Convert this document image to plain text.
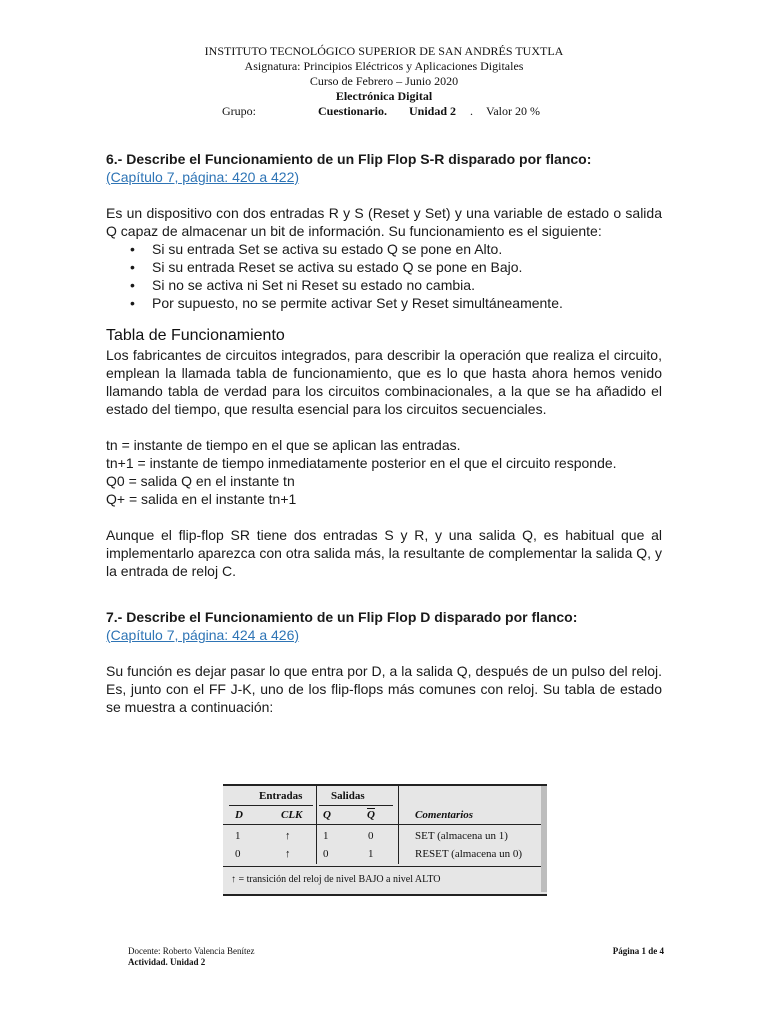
INSTITUTO TECNOLÓGICO SUPERIOR DE SAN ANDRÉS TUXTLA
Asignatura: Principios Eléctricos y Aplicaciones Digitales
Curso de Febrero – Junio 2020
Electrónica Digital
Grupo:	Cuestionario. Unidad 2 . Valor 20 %

6.- Describe el Funcionamiento de un Flip Flop S-R disparado por flanco:

(Capítulo 7, página: 420 a 422)

Es un dispositivo con dos entradas R y S (Reset y Set) y una variable de estado o salida Q capaz de almacenar un bit de información. Su funcionamiento es el siguiente:

• Si su entrada Set se activa su estado Q se pone en Alto.
• Si su entrada Reset se activa su estado Q se pone en Bajo.
• Si no se activa ni Set ni Reset su estado no cambia.
• Por supuesto, no se permite activar Set y Reset simultáneamente.

Tabla de Funcionamiento

Los fabricantes de circuitos integrados, para describir la operación que realiza el circuito, emplean la llamada tabla de funcionamiento, que es lo que hasta ahora hemos venido llamando tabla de verdad para los circuitos combinacionales, a la que se ha añadido el estado del tiempo, que resulta esencial para los circuitos secuenciales.

tn = instante de tiempo en el que se aplican las entradas.

tn+1 = instante de tiempo inmediatamente posterior en el que el circuito responde.

Q0 = salida Q en el instante tn

Q+ = salida en el instante tn+1

Aunque el flip-flop SR tiene dos entradas S y R, y una salida Q, es habitual que al implementarlo aparezca con otra salida más, la resultante de complementar la salida Q, y la entrada de reloj C.

7.- Describe el Funcionamiento de un Flip Flop D disparado por flanco:

(Capítulo 7, página: 424 a 426)

Su función es dejar pasar lo que entra por D, a la salida Q, después de un pulso del reloj. Es, junto con el FF J-K, uno de los flip-flops más comunes con reloj. Su tabla de estado se muestra a continuación:

Entradas	Salidas
D	CLK Q	$\overline{Q}$	Comentarios
1	↑	1	0	SET (almacena un 1)
0	↑	0	1	RESET (almacena un 0)
↑ = transición del reloj de nivel BAJO a nivel ALTO
Docente: Roberto Valencia Benítez
Actividad. Unidad 2
Página 1 de 4
